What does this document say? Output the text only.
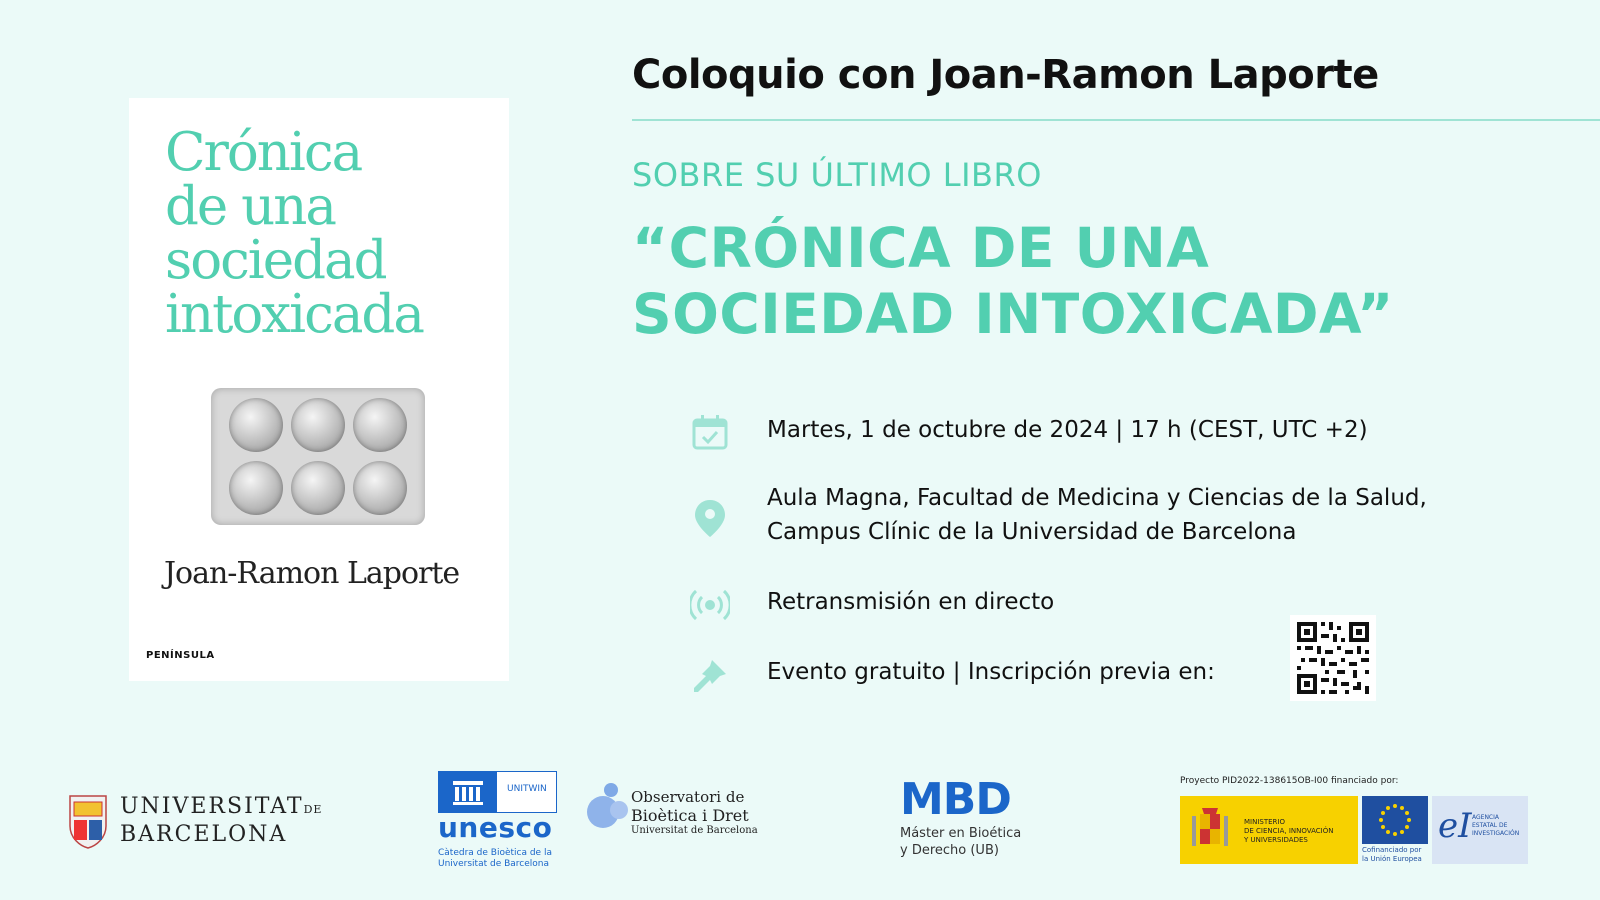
Crónica
de una
sociedad
intoxicada
Joan-Ramon Laporte
PENÍNSULA
Coloquio con Joan-Ramon Laporte
SOBRE SU ÚLTIMO LIBRO
“CRÓNICA DE UNA
SOCIEDAD INTOXICADA”
Martes, 1 de octubre de 2024 | 17 h (CEST, UTC +2)
Aula Magna, Facultad de Medicina y Ciencias de la Salud,
Campus Clínic de la Universidad de Barcelona
Retransmisión en directo
Evento gratuito | Inscripción previa en:
UNIVERSITATDE
BARCELONA
UNITWIN
unesco
Càtedra de Bioètica de la
Universitat de Barcelona
Observatori de
Bioètica i Dret
Universitat de Barcelona
MBD
Máster en Bioética
y Derecho (UB)
Proyecto PID2022-138615OB-I00 financiado por:
MINISTERIO
DE CIENCIA, INNOVACIÓN
Y UNIVERSIDADES
Cofinanciado por
la Unión Europea
eI AGENCIA
ESTATAL DE
INVESTIGACIÓN
